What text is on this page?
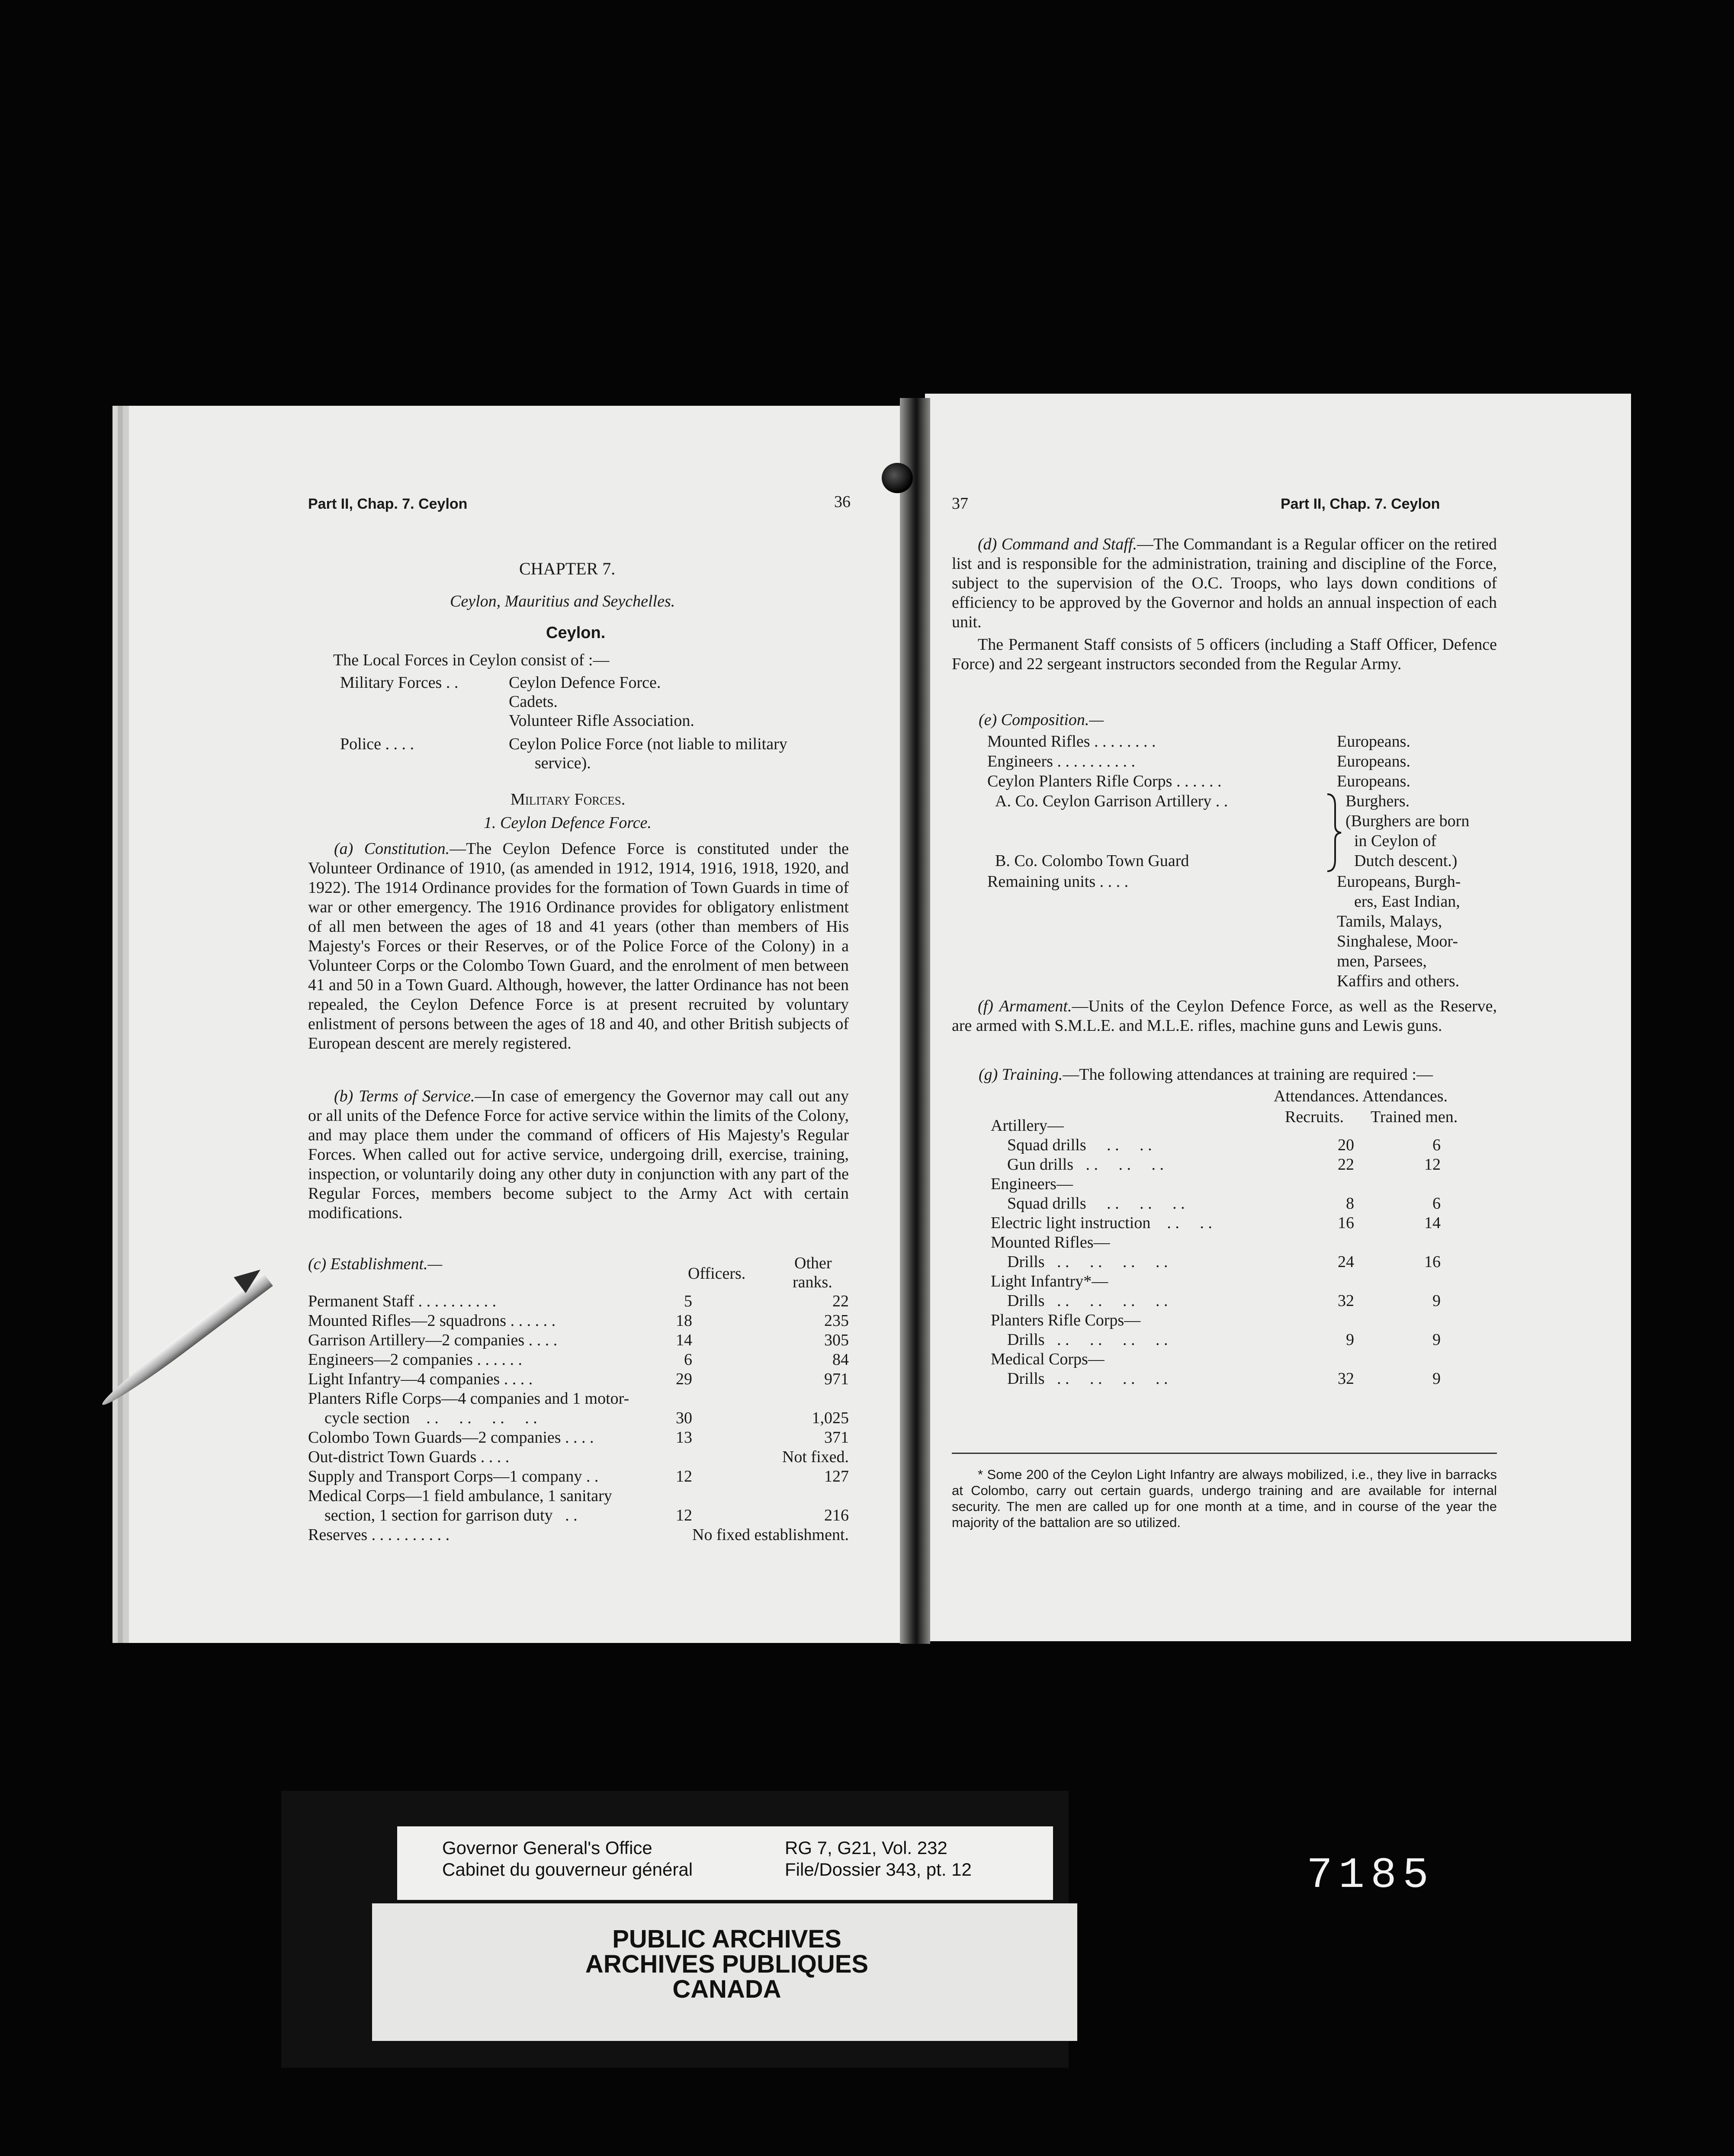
Part II, Chap. 7. Ceylon	36
CHAPTER 7.
Ceylon, Mauritius and Seychelles.
Ceylon.
The Local Forces in Ceylon consist of :—
Military Forces . .	Ceylon Defence Force.
Cadets.
Volunteer Rifle Association.
Police . . . .	Ceylon Police Force (not liable to military
service).
Military Forces.
1. Ceylon Defence Force.
(a) Constitution.—The Ceylon Defence Force is constituted under the Volunteer Ordinance of 1910, (as amended in 1912, 1914, 1916, 1918, 1920, and 1922). The 1914 Ordinance provides for the formation of Town Guards in time of war or other emergency. The 1916 Ordinance provides for obligatory enlistment of all men between the ages of 18 and 41 years (other than members of His Majesty's Forces or their Reserves, or of the Police Force of the Colony) in a Volunteer Corps or the Colombo Town Guard, and the enrolment of men between 41 and 50 in a Town Guard. Although, however, the latter Ordinance has not been repealed, the Ceylon Defence Force is at present recruited by voluntary enlistment of persons between the ages of 18 and 40, and other British subjects of European descent are merely registered.
(b) Terms of Service.—In case of emergency the Governor may call out any or all units of the Defence Force for active service within the limits of the Colony, and may place them under the command of officers of His Majesty's Regular Forces. When called out for active service, undergoing drill, exercise, training, inspection, or voluntarily doing any other duty in conjunction with any part of the Regular Forces, members become subject to the Army Act with certain modifications.
(c) Establishment.—
Officers.
Other
ranks.
Permanent Staff . . . . . . . . . .	5	22
Mounted Rifles—2 squadrons . . . . . .	18	235
Garrison Artillery—2 companies . . . .	14	305
Engineers—2 companies . . . . . .	6	84
Light Infantry—4 companies . . . .	29	971
Planters Rifle Corps—4 companies and 1 motor-		
cycle section    . .     . .     . .     . .	30	1,025
Colombo Town Guards—2 companies . . . .	13	371
Out-district Town Guards . . . .		Not fixed.
Supply and Transport Corps—1 company . .	12	127
Medical Corps—1 field ambulance, 1 sanitary		
section, 1 section for garrison duty   . .	12	216
Reserves . . . . . . . . . .		No fixed establishment.
37	Part II, Chap. 7. Ceylon
(d) Command and Staff.—The Commandant is a Regular officer on the retired list and is responsible for the administration, training and discipline of the Force, subject to the supervision of the O.C. Troops, who lays down conditions of efficiency to be approved by the Governor and holds an annual inspection of each unit.
The Permanent Staff consists of 5 officers (including a Staff Officer, Defence Force) and 22 sergeant instructors seconded from the Regular Army.
(e) Composition.—
Mounted Rifles . . . . . . . .	Europeans.
Engineers . . . . . . . . . .	Europeans.
Ceylon Planters Rifle Corps . . . . . .	Europeans.
A. Co. Ceylon Garrison Artillery . .	Burghers.
(Burghers are born
in Ceylon of
B. Co. Colombo Town Guard	Dutch descent.)
Remaining units . . . .	Europeans, Burgh-
ers, East Indian,
Tamils, Malays,
Singhalese, Moor-
men, Parsees,
Kaffirs and others.
(f) Armament.—Units of the Ceylon Defence Force, as well as the Reserve, are armed with S.M.L.E. and M.L.E. rifles, machine guns and Lewis guns.
(g) Training.—The following attendances at training are required :—
Attendances. Attendances.
Recruits. Trained men.
Artillery—		
Squad drills     . .     . .	20	6
Gun drills   . .     . .     . .	22	12
Engineers—		
Squad drills     . .     . .     . .	8	6
Electric light instruction    . .     . .	16	14
Mounted Rifles—		
Drills   . .     . .     . .     . .	24	16
Light Infantry*—		
Drills   . .     . .     . .     . .	32	9
Planters Rifle Corps—		
Drills   . .     . .     . .     . .	9	9
Medical Corps—		
Drills   . .     . .     . .     . .	32	9
* Some 200 of the Ceylon Light Infantry are always mobilized, i.e., they live in barracks at Colombo, carry out certain guards, undergo training and are available for internal security. The men are called up for one month at a time, and in course of the year the majority of the battalion are so utilized.
Governor General's Office
Cabinet du gouverneur général
RG 7, G21, Vol. 232
File/Dossier 343, pt. 12
PUBLIC ARCHIVES
ARCHIVES PUBLIQUES
CANADA
7185
